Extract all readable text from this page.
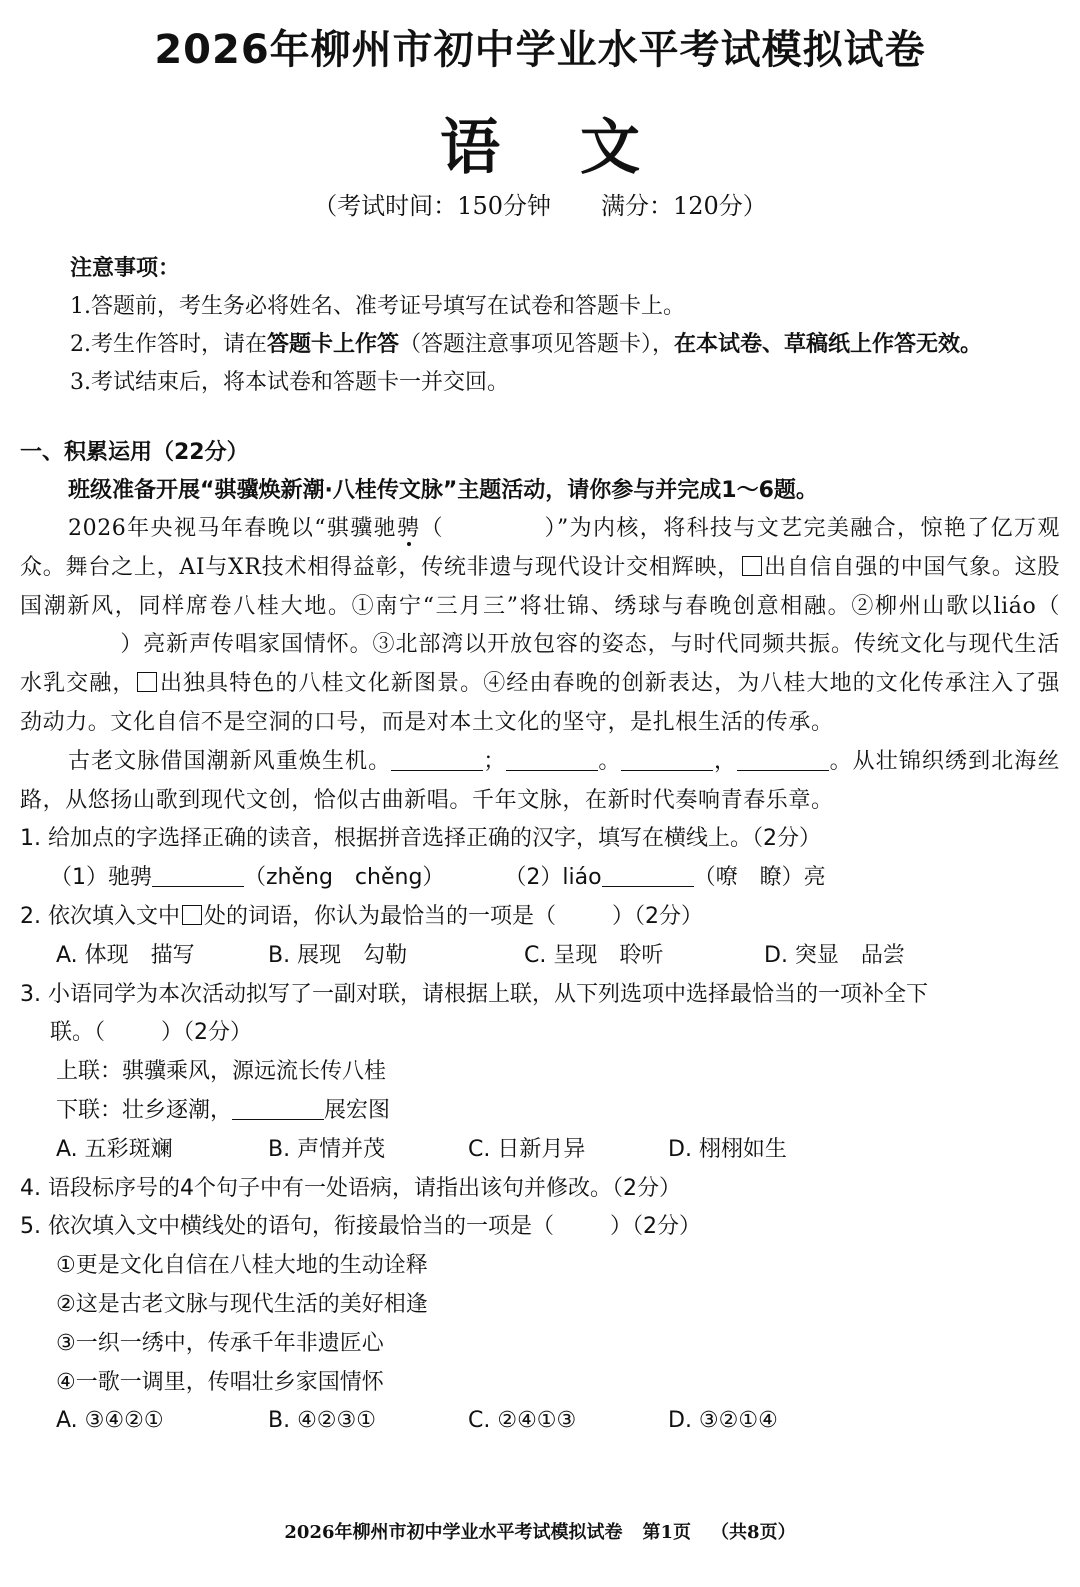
2026年柳州市初中学业水平考试模拟试卷
语文

（考试时间：150分钟 满分：120分）

注意事项：
1.答题前，考生务必将姓名、准考证号填写在试卷和答题卡上。
2.考生作答时，请在答题卡上作答（答题注意事项见答题卡），在本试卷、草稿纸上作答无效。
3.考试结束后，将本试卷和答题卡一并交回。
一、积累运用（22分）
班级准备开展“骐骥焕新潮·八桂传文脉”主题活动，请你参与并完成1～6题。

2026年央视马年春晚以“骐骥驰骋（	）”为内核，将科技与文艺完美融合，惊艳了亿万观众。舞台之上，AI与XR技术相得益彰，传统非遗与现代设计交相辉映， 出自信自强的中国气象。这股国潮新风，同样席卷八桂大地。①南宁“三月三”将壮锦、绣球与春晚创意相融。②柳州山歌以liáo（）亮新声传唱家国情怀。③北部湾以开放包容的姿态，与时代同频共振。传统文化与现代生活水乳交融， 出独具特色的八桂文化新图景。④经由春晚的创新表达，为八桂大地的文化传承注入了强劲动力。文化自信不是空洞的口号，而是对本土文化的坚守，是扎根生活的传承。

古老文脉借国潮新风重焕生机。	；	。	，	。从壮锦织绣到北海丝路，从悠扬山歌到现代文创，恰似古曲新唱。千年文脉，在新时代奏响青春乐章。

1. 给加点的字选择正确的读音，根据拼音选择正确的汉字，填写在横线上。（2分）
（1）驰骋	（zhěng　chěng）	（2）liáo	（嘹　瞭）亮
2. 依次填入文中 处的词语，你认为最恰当的一项是（	）（2分）
A. 体现　描写	B. 展现　勾勒	C. 呈现　聆听	D. 突显　品尝
3. 小语同学为本次活动拟写了一副对联，请根据上联，从下列选项中选择最恰当的一项补全下
联。（	）（2分）
上联：骐骥乘风，源远流长传八桂
下联：壮乡逐潮，	展宏图
A. 五彩斑斓	B. 声情并茂	C. 日新月异	D. 栩栩如生
4. 语段标序号的4个句子中有一处语病，请指出该句并修改。（2分）
5. 依次填入文中横线处的语句，衔接最恰当的一项是（	）（2分）
①更是文化自信在八桂大地的生动诠释
②这是古老文脉与现代生活的美好相逢
③一织一绣中，传承千年非遗匠心
④一歌一调里，传唱壮乡家国情怀
A. ③④②①	B. ④②③①	C. ②④①③	D. ③②①④
2026年柳州市初中学业水平考试模拟试卷 第1页 （共8页）
